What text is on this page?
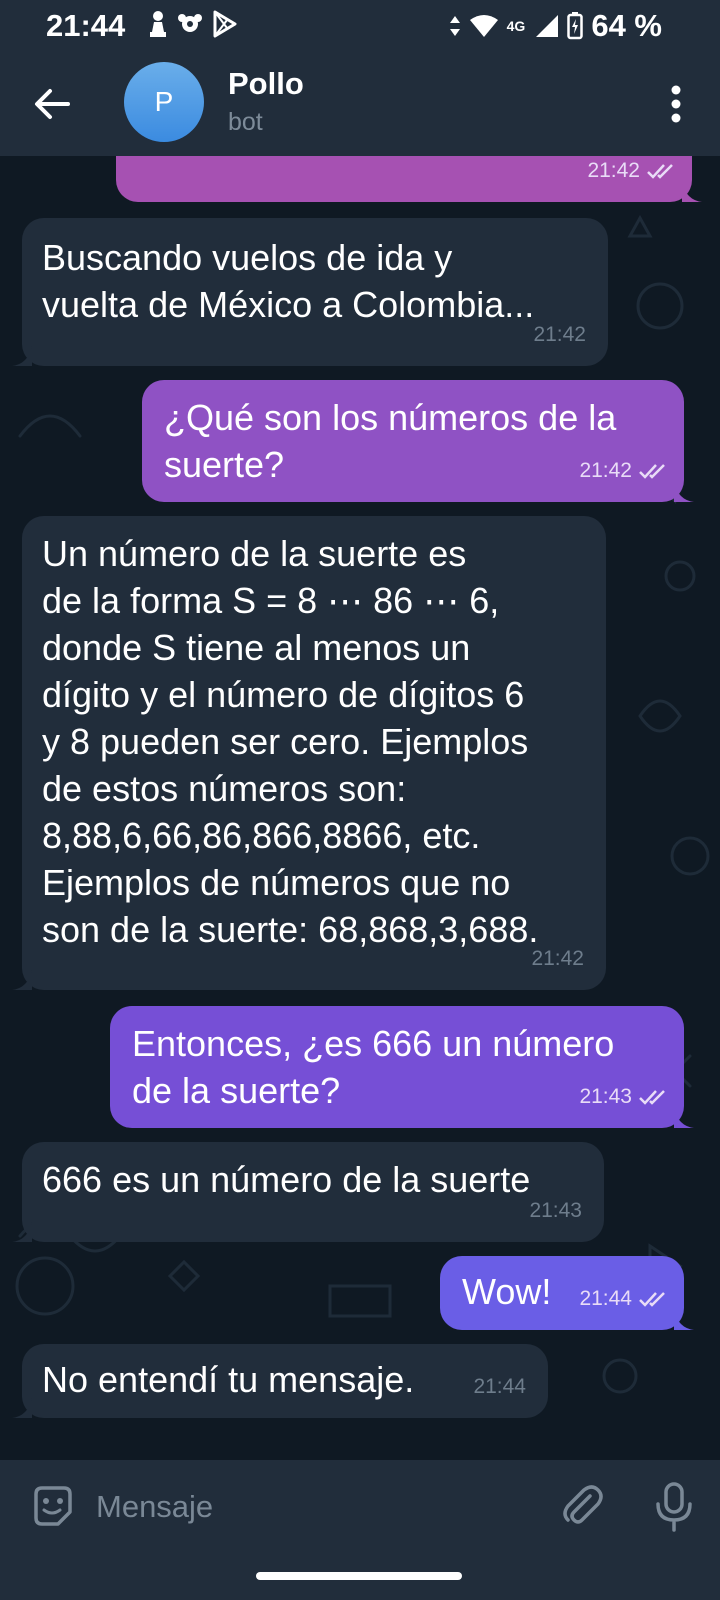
21:44	4G 64 %
P
Pollo
bot
21:42
Buscando vuelos de ida y
vuelta de México a Colombia...
21:42
¿Qué son los números de la
suerte?	21:42
Un número de la suerte es
de la forma S = 8 ⋯ 86 ⋯ 6,
donde S tiene al menos un
dígito y el número de dígitos 6
y 8 pueden ser cero. Ejemplos
de estos números son:
8,88,6,66,86,866,8866, etc.
Ejemplos de números que no
son de la suerte: 68,868,3,688.
21:42
Entonces, ¿es 666 un número
de la suerte?	21:43
666 es un número de la suerte
21:43
Wow! 21:44
No entendí tu mensaje.	21:44
Mensaje
